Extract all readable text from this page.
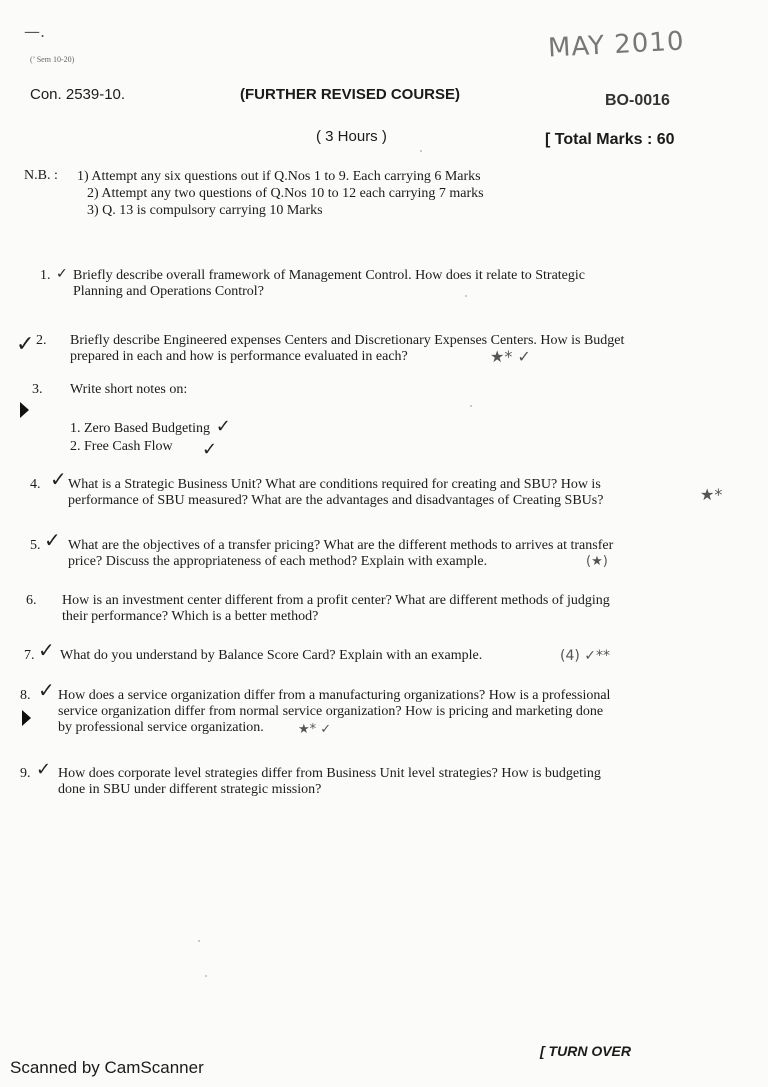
—.
(’ Sem 10-20)	MAY 2010
Con. 2539-10.	(FURTHER REVISED COURSE)	BO-0016
( 3 Hours )	[ Total Marks : 60
N.B. : 1) Attempt any six questions out if Q.Nos 1 to 9. Each carrying 6 Marks
2) Attempt any two questions of Q.Nos 10 to 12 each carrying 7 marks
3) Q. 13 is compulsory carrying 10 Marks
1. ✓ Briefly describe overall framework of Management Control. How does it relate to Strategic
Planning and Operations Control?
2.
✓	Briefly describe Engineered expenses Centers and Discretionary Expenses Centers. How is Budget
prepared in each and how is performance evaluated in each?	★* ✓
3. Write short notes on:
1. Zero Based Budgeting ✓
2. Free Cash Flow	✓
4. ✓ What is a Strategic Business Unit? What are conditions required for creating and SBU? How is
performance of SBU measured? What are the advantages and disadvantages of Creating SBUs?	★*
5. ✓ What are the objectives of a transfer pricing? What are the different methods to arrives at transfer
price? Discuss the appropriateness of each method? Explain with example.	(★)
6. How is an investment center different from a profit center? What are different methods of judging
their performance? Which is a better method?
7. ✓ What do you understand by Balance Score Card? Explain with an example.	(4) ✓**
8. ✓ How does a service organization differ from a manufacturing organizations? How is a professional
service organization differ from normal service organization? How is pricing and marketing done
by professional service organization.	★* ✓
9. ✓ How does corporate level strategies differ from Business Unit level strategies? How is budgeting
done in SBU under different strategic mission?
[ TURN OVER
Scanned by CamScanner
